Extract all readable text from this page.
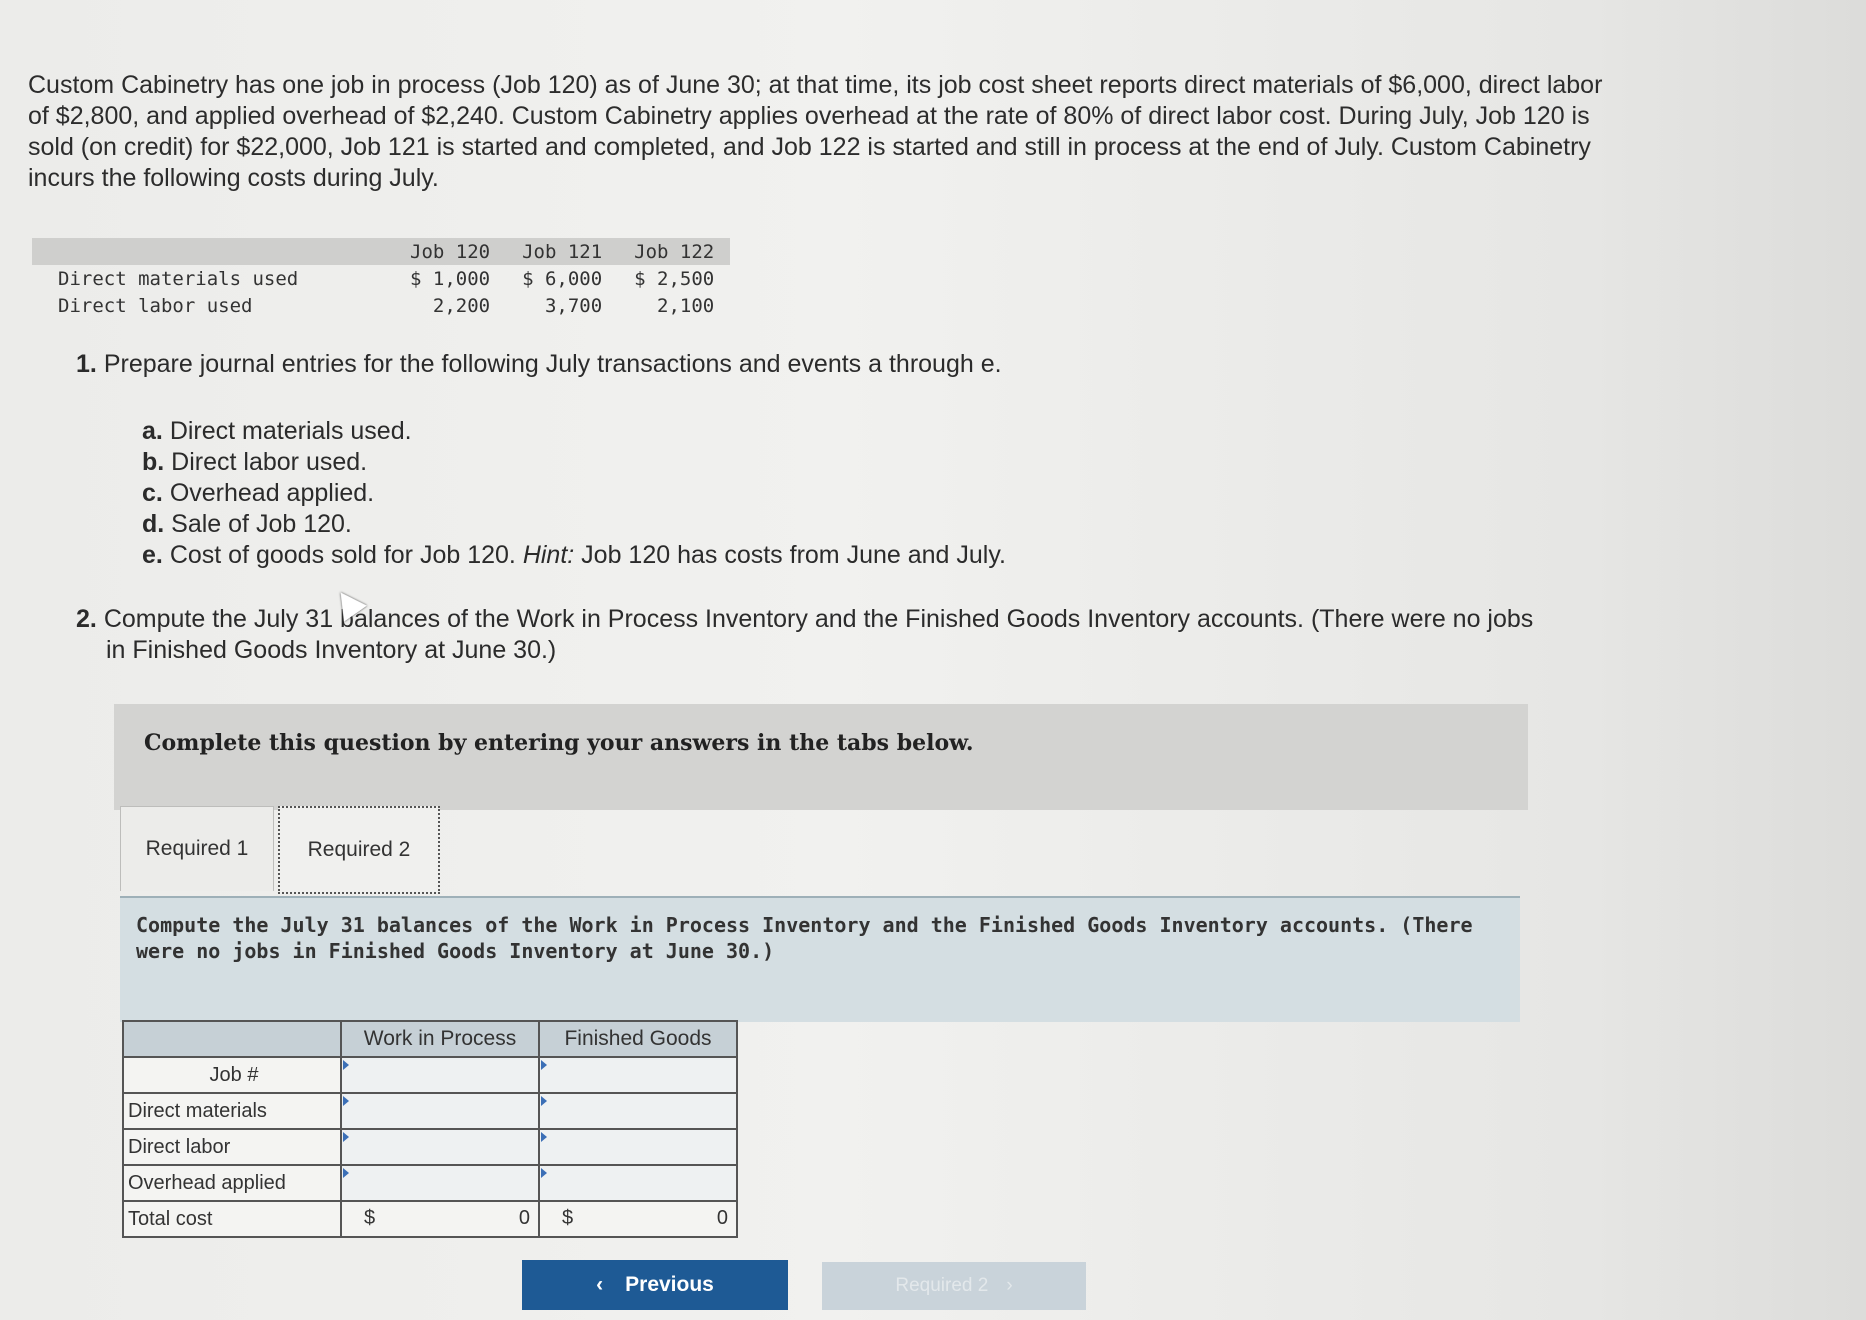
Custom Cabinetry has one job in process (Job 120) as of June 30; at that time, its job cost sheet reports direct materials of $6,000, direct labor of $2,800, and applied overhead of $2,240. Custom Cabinetry applies overhead at the rate of 80% of direct labor cost. During July, Job 120 is sold (on credit) for $22,000, Job 121 is started and completed, and Job 122 is started and still in process at the end of July. Custom Cabinetry incurs the following costs during July.
	Job 120	Job 121	Job 122
Direct materials used	$ 1,000	$ 6,000	$ 2,500
Direct labor used	2,200	3,700	2,100
1. Prepare journal entries for the following July transactions and events a through e.
a. Direct materials used.
b. Direct labor used.
c. Overhead applied.
d. Sale of Job 120.
e. Cost of goods sold for Job 120. Hint: Job 120 has costs from June and July.
2. Compute the July 31 balances of the Work in Process Inventory and the Finished Goods Inventory accounts. (There were no jobs
in Finished Goods Inventory at June 30.)
Complete this question by entering your answers in the tabs below.
Required 1	Required 2
Compute the July 31 balances of the Work in Process Inventory and the Finished Goods Inventory accounts. (There were no jobs in Finished Goods Inventory at June 30.)
	Work in Process	Finished Goods
Job #		
Direct materials		
Direct labor		
Overhead applied		
Total cost	$ 0	$ 0
‹ Previous	Required 2 ›
